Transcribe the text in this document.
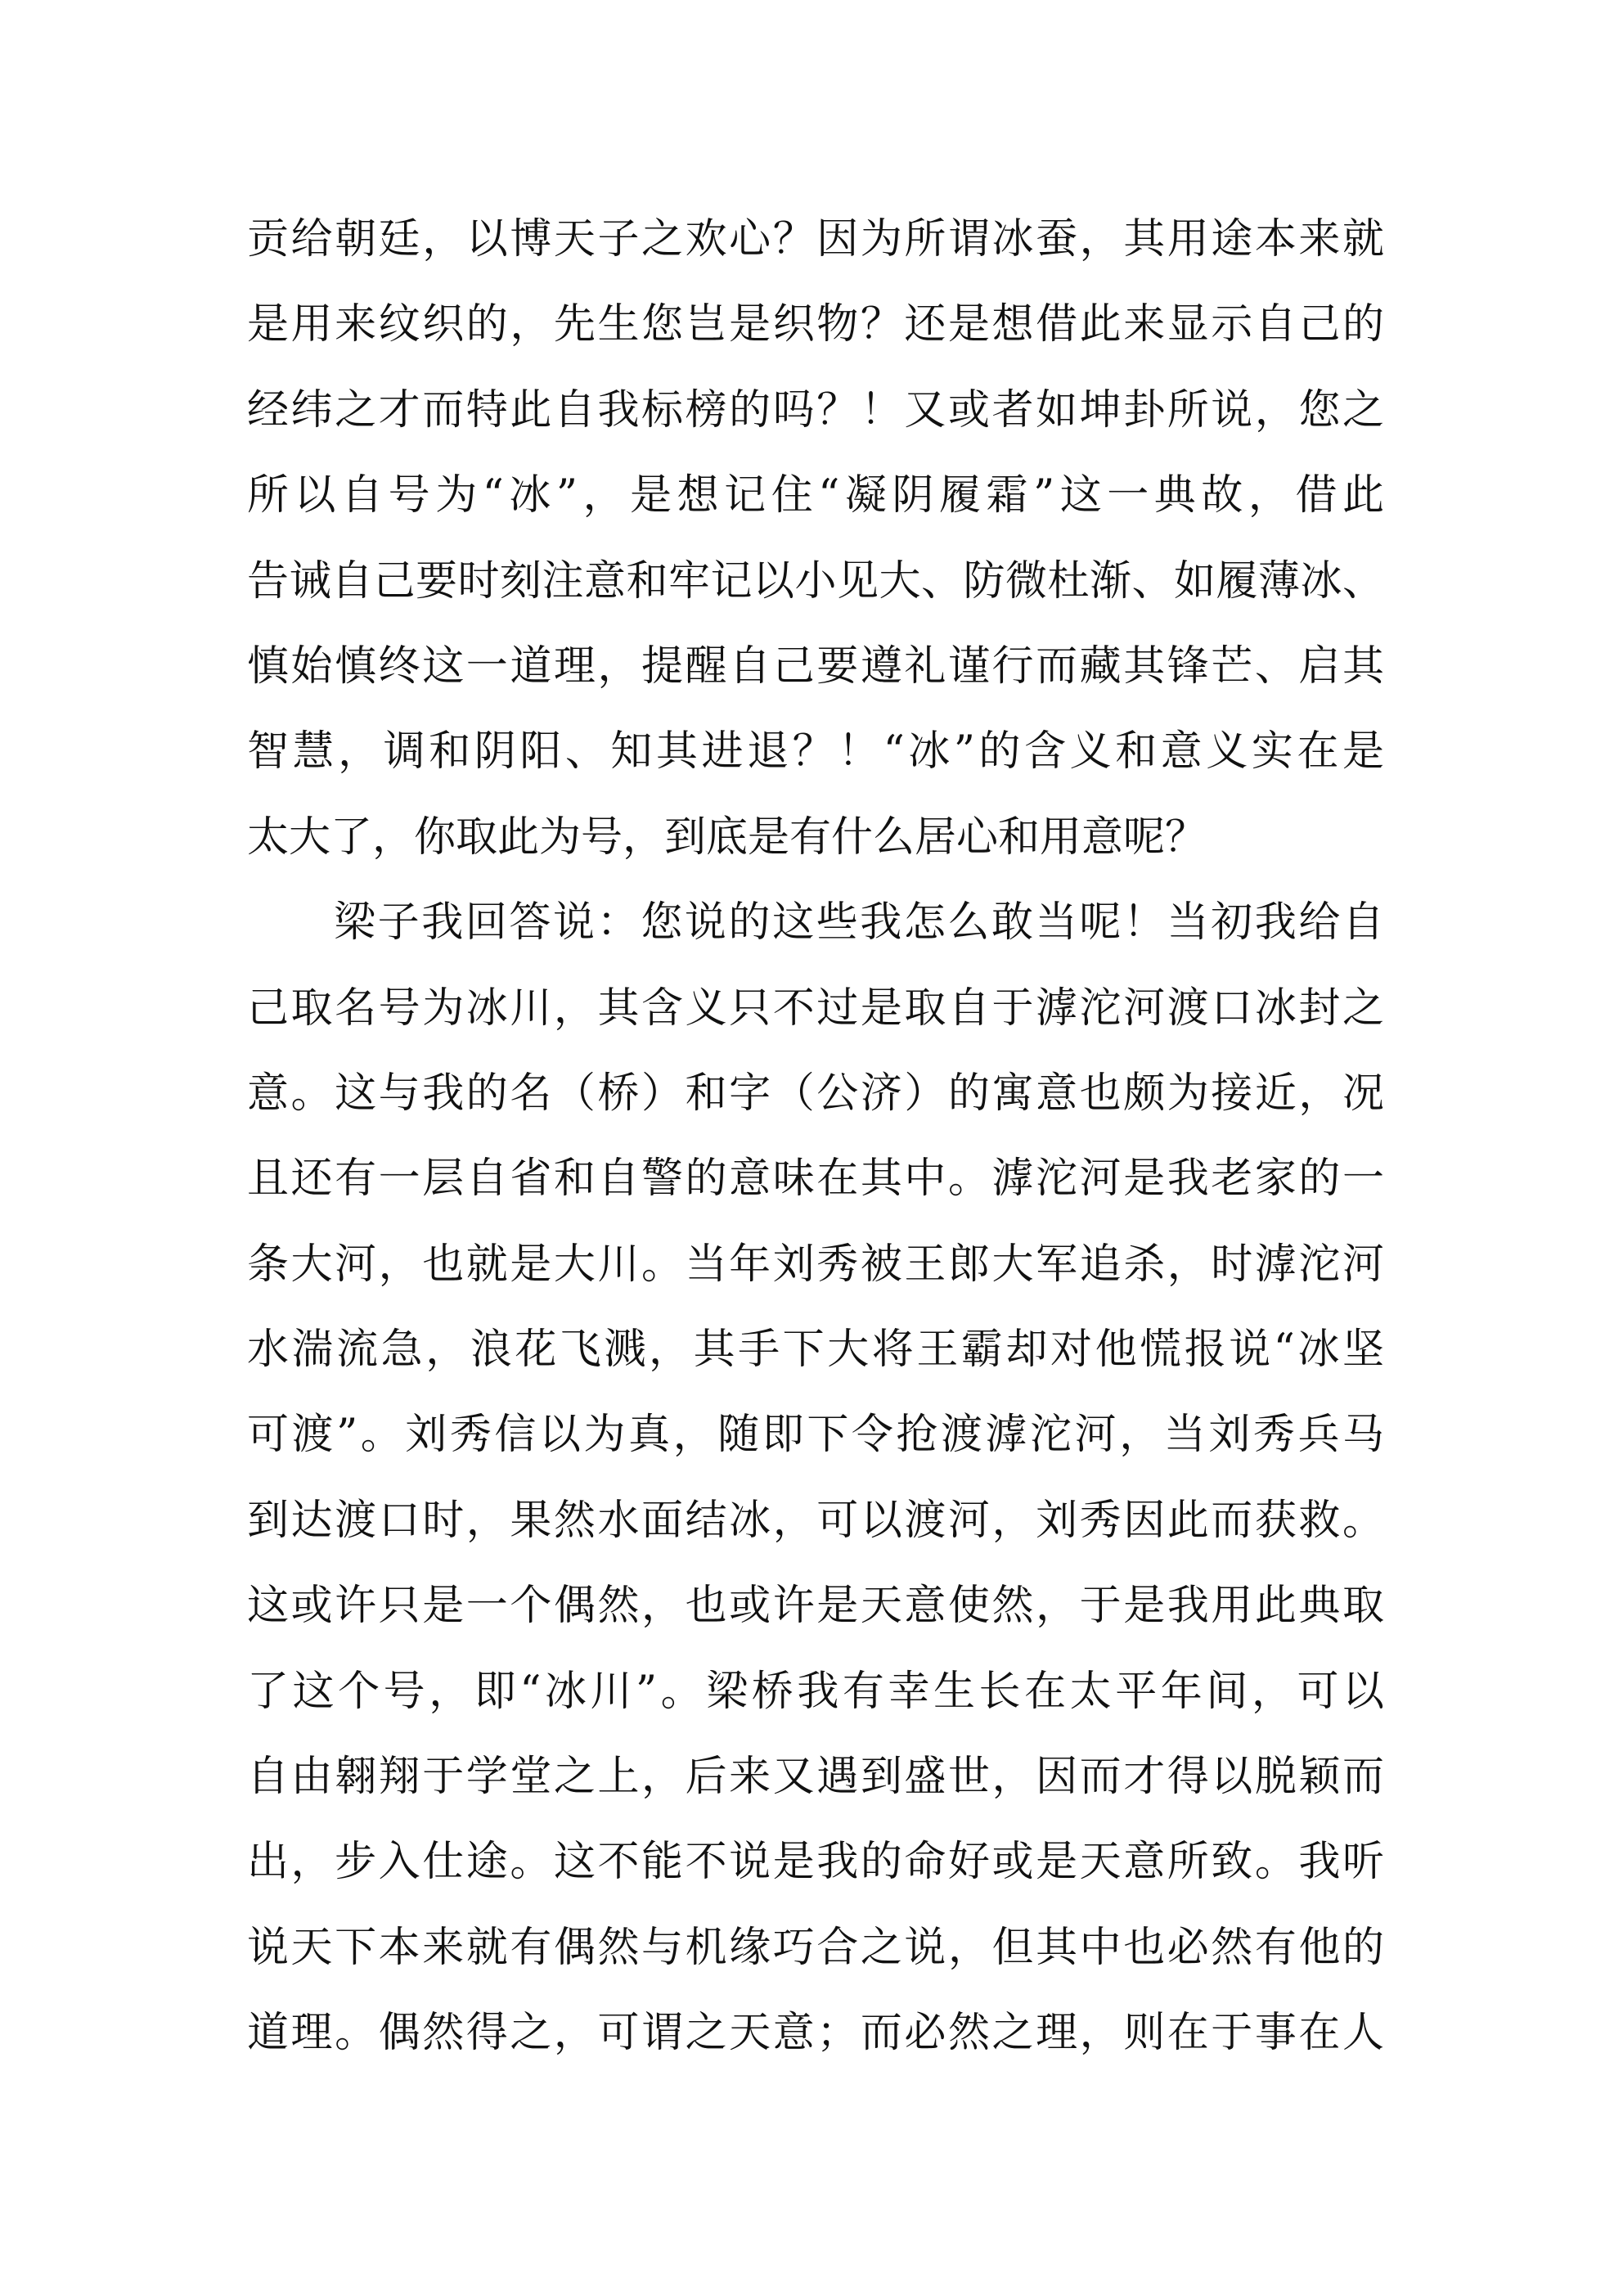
贡给朝廷，以博天子之欢心？因为所谓冰蚕，其用途本来就
是用来纹织的，先生您岂是织物？还是想借此来显示自己的
经纬之才而特此自我标榜的吗？！又或者如坤卦所说，您之
所以自号为“冰”，是想记住“凝阴履霜”这一典故，借此
告诫自己要时刻注意和牢记以小见大、防微杜渐、如履薄冰、
慎始慎终这一道理，提醒自己要遵礼谨行而藏其锋芒、启其
智慧，调和阴阳、知其进退？！“冰”的含义和意义实在是
太大了，你取此为号，到底是有什么居心和用意呢？
梁子我回答说：您说的这些我怎么敢当呢！当初我给自
己取名号为冰川，其含义只不过是取自于滹沱河渡口冰封之
意。这与我的名（桥）和字（公济）的寓意也颇为接近，况
且还有一层自省和自警的意味在其中。滹沱河是我老家的一
条大河，也就是大川。当年刘秀被王郎大军追杀，时滹沱河
水湍流急，浪花飞溅，其手下大将王霸却对他慌报说“冰坚
可渡”。刘秀信以为真，随即下令抢渡滹沱河，当刘秀兵马
到达渡口时，果然水面结冰，可以渡河，刘秀因此而获救。
这或许只是一个偶然，也或许是天意使然，于是我用此典取
了这个号，即“冰川”。梁桥我有幸生长在太平年间，可以
自由翱翔于学堂之上，后来又遇到盛世，因而才得以脱颖而
出，步入仕途。这不能不说是我的命好或是天意所致。我听
说天下本来就有偶然与机缘巧合之说，但其中也必然有他的
道理。偶然得之，可谓之天意；而必然之理，则在于事在人
